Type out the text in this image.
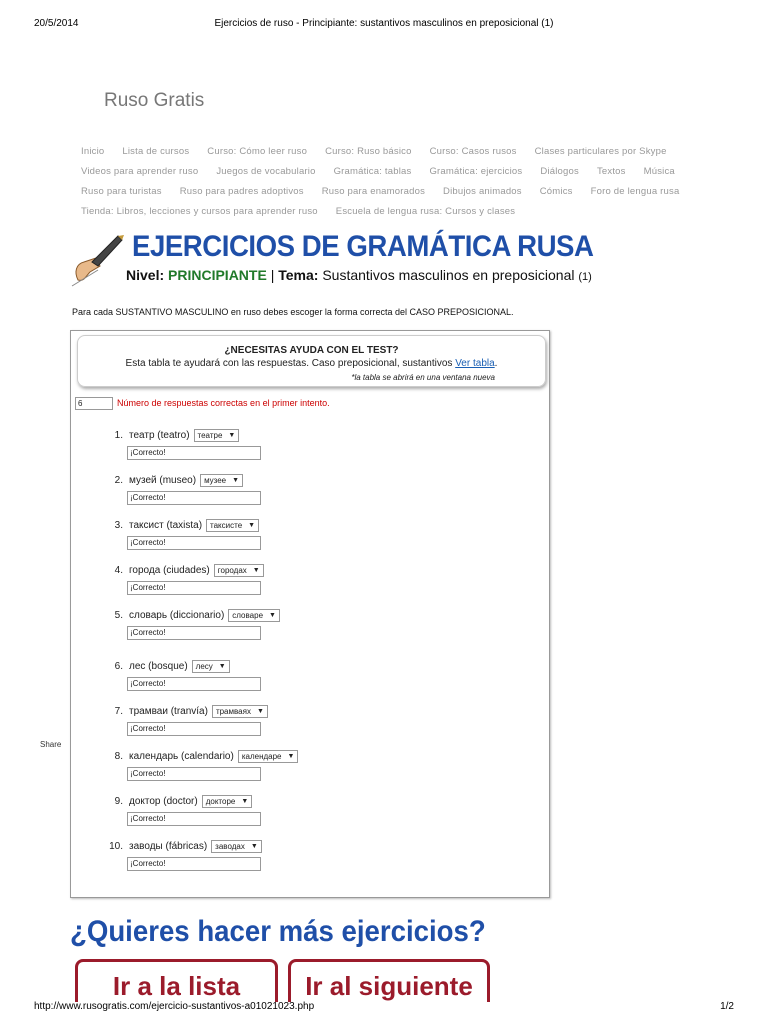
20/5/2014	Ejercicios de ruso - Principiante: sustantivos masculinos en preposicional (1)
Ruso Gratis
Inicio Lista de cursos Curso: Cómo leer ruso Curso: Ruso básico Curso: Casos rusos Clases particulares por Skype
Videos para aprender ruso Juegos de vocabulario Gramática: tablas Gramática: ejercicios Diálogos Textos Música
Ruso para turistas Ruso para padres adoptivos Ruso para enamorados Dibujos animados Cómics Foro de lengua rusa
Tienda: Libros, lecciones y cursos para aprender ruso Escuela de lengua rusa: Cursos y clases
EJERCICIOS DE GRAMÁTICA RUSA
Nivel: PRINCIPIANTE | Tema: Sustantivos masculinos en preposicional (1)
Para cada SUSTANTIVO MASCULINO en ruso debes escoger la forma correcta del CASO PREPOSICIONAL.
¿NECESITAS AYUDA CON EL TEST?
Esta tabla te ayudará con las respuestas. Caso preposicional, sustantivos Ver tabla.
*la tabla se abrirá en una ventana nueva
6	Número de respuestas correctas en el primer intento.
1. театр (teatro) театре ▼
¡Correcto!
2. музей (museo) музее ▼
¡Correcto!
3. таксист (taxista) таксисте ▼
¡Correcto!
4. города (ciudades) городах ▼
¡Correcto!
5. словарь (diccionario) словаре ▼
¡Correcto!
6. лес (bosque) лесу ▼
¡Correcto!
7. трамваи (tranvía) трамваях ▼
¡Correcto!
8. календарь (calendario) календаре ▼
¡Correcto!
9. доктор (doctor) докторе ▼
¡Correcto!
10. заводы (fábricas) заводах ▼
¡Correcto!
Share
¿Quieres hacer más ejercicios?
Ir a la lista	Ir al siguiente
http://www.rusogratis.com/ejercicio-sustantivos-a01021023.php	1/2
